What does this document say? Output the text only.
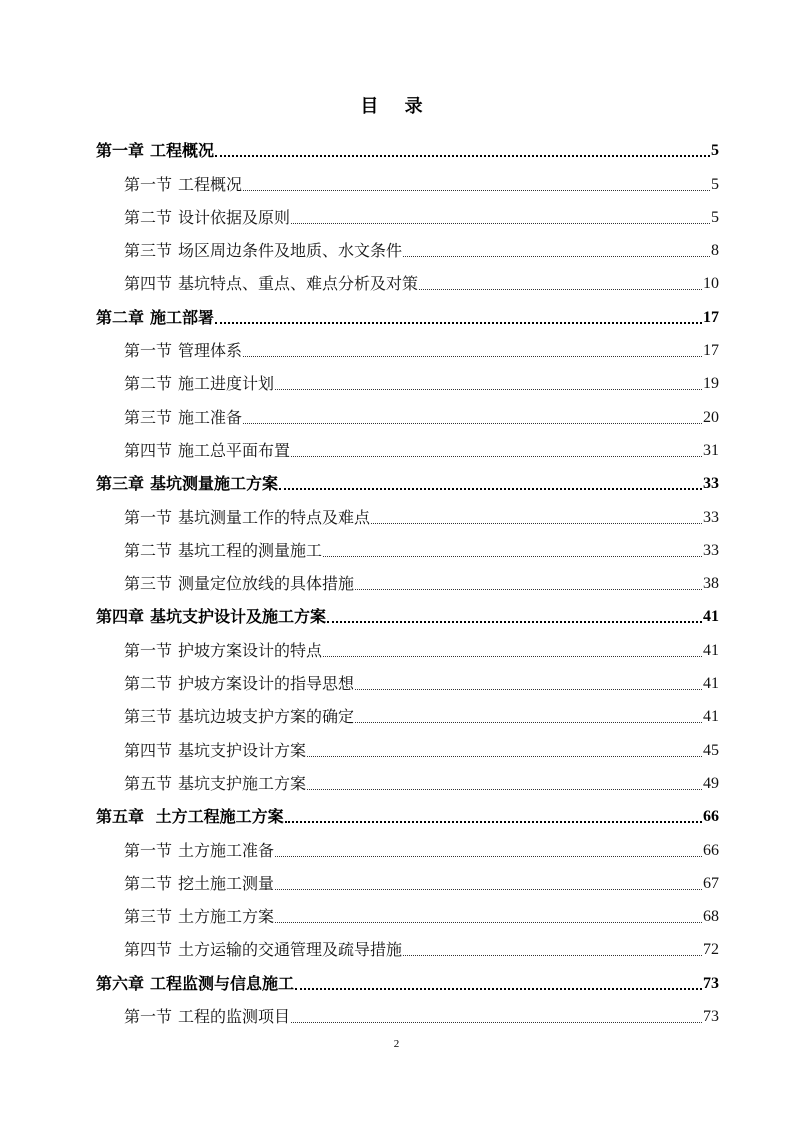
目 录
第一章 工程概况	5
第一节 工程概况	5
第二节 设计依据及原则	5
第三节 场区周边条件及地质、水文条件	8
第四节 基坑特点、重点、难点分析及对策	10
第二章 施工部署	17
第一节 管理体系	17
第二节 施工进度计划	19
第三节 施工准备	20
第四节 施工总平面布置	31
第三章 基坑测量施工方案	33
第一节 基坑测量工作的特点及难点	33
第二节 基坑工程的测量施工	33
第三节 测量定位放线的具体措施	38
第四章 基坑支护设计及施工方案	41
第一节 护坡方案设计的特点	41
第二节 护坡方案设计的指导思想	41
第三节 基坑边坡支护方案的确定	41
第四节 基坑支护设计方案	45
第五节 基坑支护施工方案	49
第五章 土方工程施工方案	66
第一节 土方施工准备	66
第二节 挖土施工测量	67
第三节 土方施工方案	68
第四节 土方运输的交通管理及疏导措施	72
第六章 工程监测与信息施工	73
第一节 工程的监测项目	73
2
